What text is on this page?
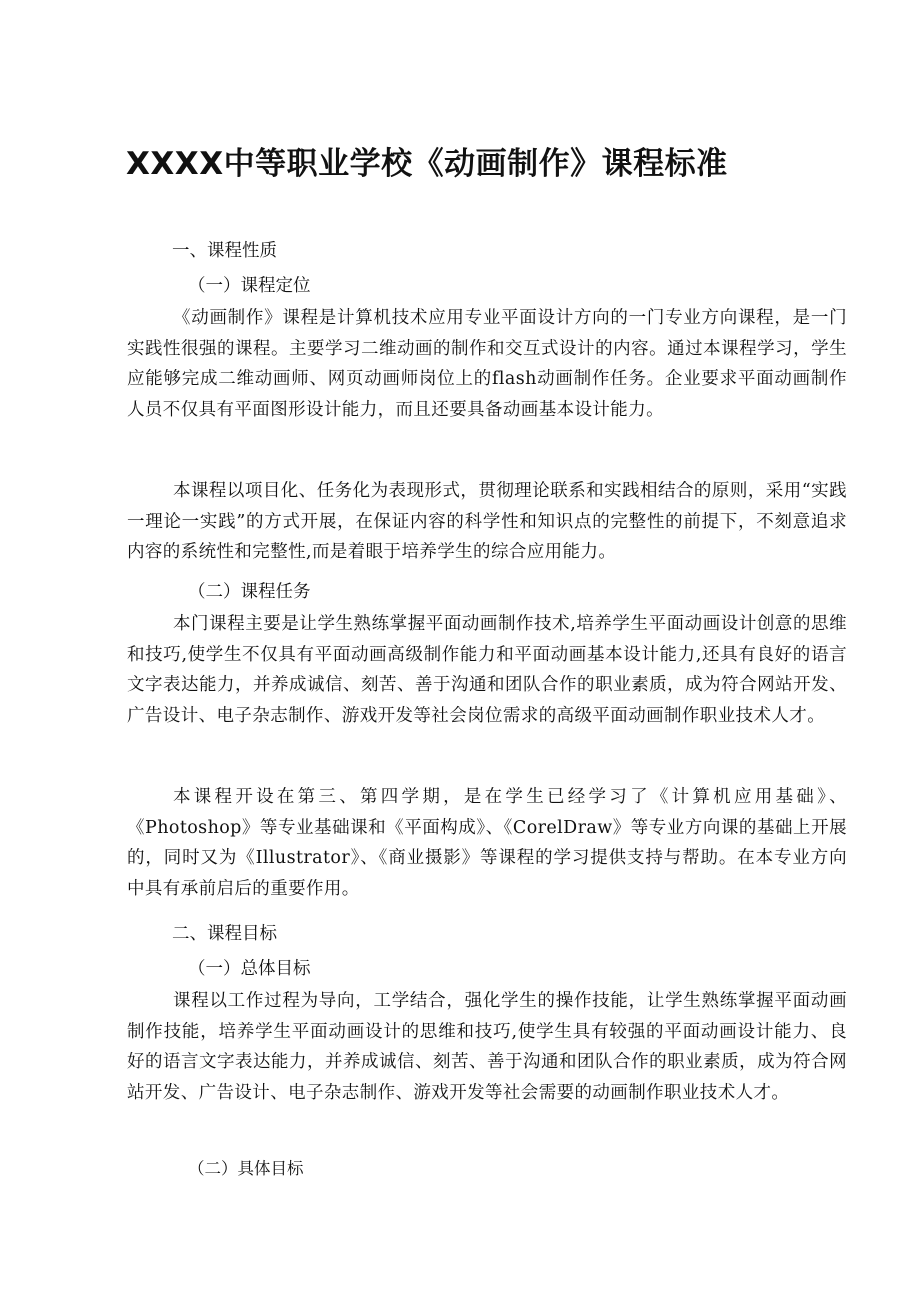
XXXX中等职业学校《动画制作》课程标准
一、课程性质
（一）课程定位
《动画制作》课程是计算机技术应用专业平面设计方向的一门专业方向课程，是一门实践性很强的课程。主要学习二维动画的制作和交互式设计的内容。通过本课程学习，学生应能够完成二维动画师、网页动画师岗位上的flash动画制作任务。企业要求平面动画制作人员不仅具有平面图形设计能力，而且还要具备动画基本设计能力。
本课程以项目化、任务化为表现形式，贯彻理论联系和实践相结合的原则，采用“实践一理论一实践”的方式开展，在保证内容的科学性和知识点的完整性的前提下，不刻意追求内容的系统性和完整性,而是着眼于培养学生的综合应用能力。
（二）课程任务
本门课程主要是让学生熟练掌握平面动画制作技术,培养学生平面动画设计创意的思维和技巧,使学生不仅具有平面动画高级制作能力和平面动画基本设计能力,还具有良好的语言文字表达能力，并养成诚信、刻苦、善于沟通和团队合作的职业素质，成为符合网站开发、广告设计、电子杂志制作、游戏开发等社会岗位需求的高级平面动画制作职业技术人才。
本课程开设在第三、第四学期，是在学生已经学习了《计算机应用基础》、《Photoshop》等专业基础课和《平面构成》、《CorelDraw》等专业方向课的基础上开展的，同时又为《Illustrator》、《商业摄影》等课程的学习提供支持与帮助。在本专业方向中具有承前启后的重要作用。
二、课程目标
（一）总体目标
课程以工作过程为导向，工学结合，强化学生的操作技能，让学生熟练掌握平面动画制作技能，培养学生平面动画设计的思维和技巧,使学生具有较强的平面动画设计能力、良好的语言文字表达能力，并养成诚信、刻苦、善于沟通和团队合作的职业素质，成为符合网站开发、广告设计、电子杂志制作、游戏开发等社会需要的动画制作职业技术人才。
（二）具体目标
